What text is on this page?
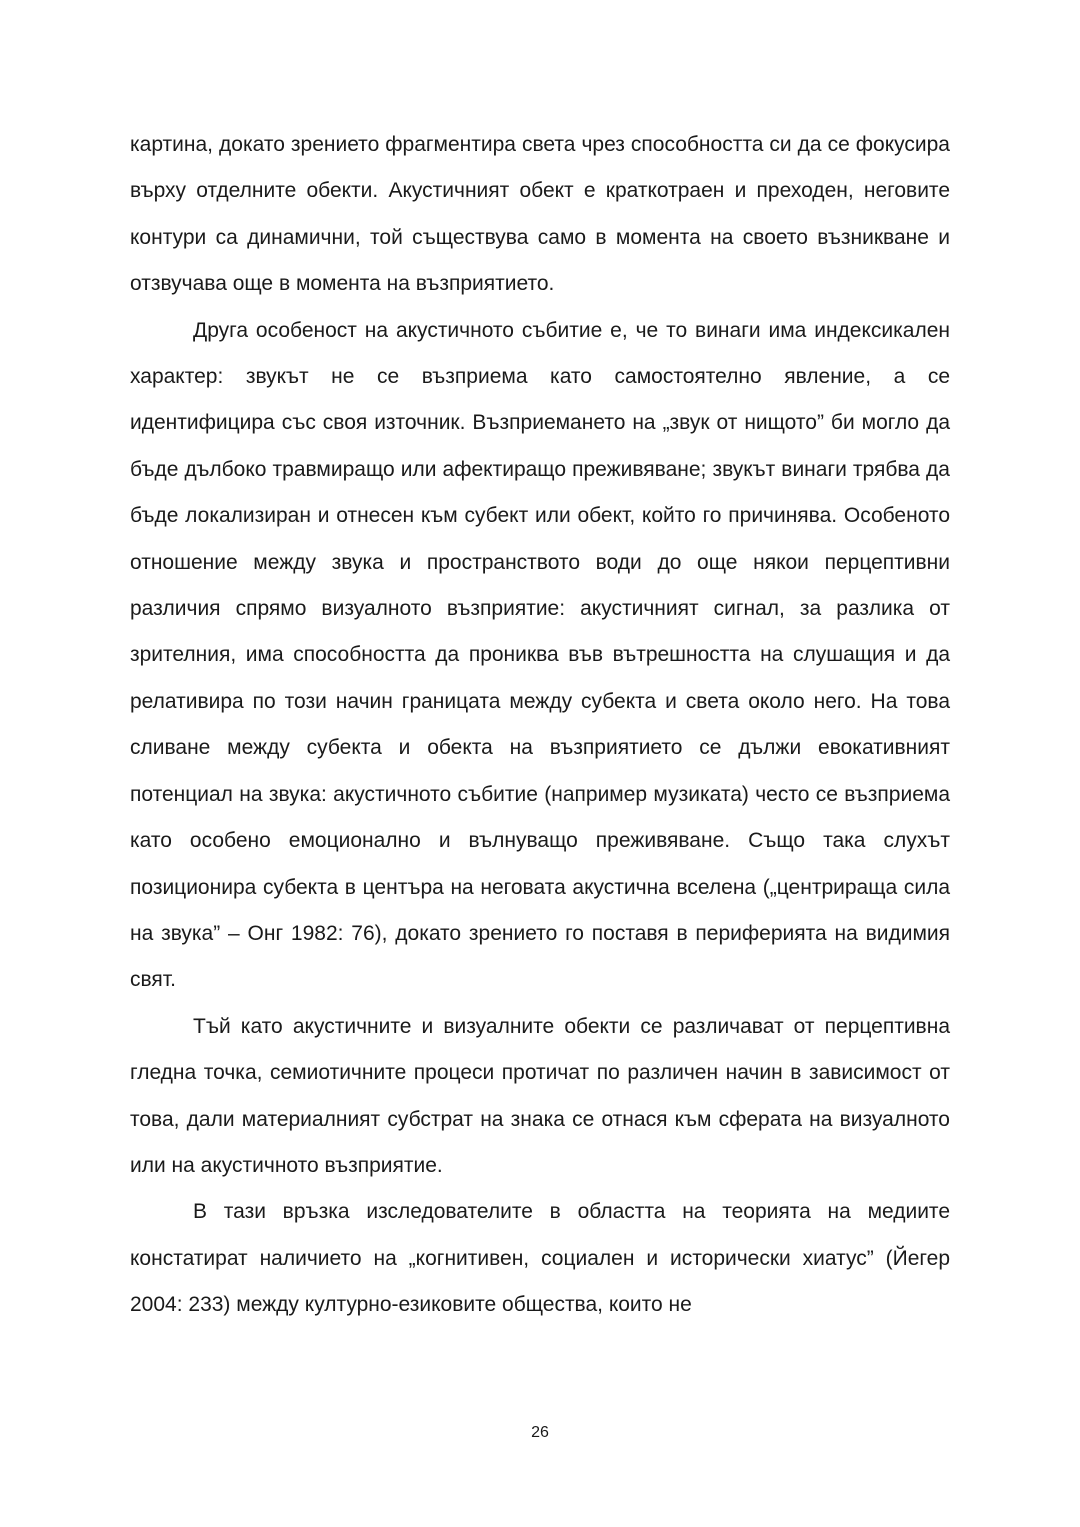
картина, докато зрението фрагментира света чрез способността си да се фокусира върху отделните обекти. Акустичният обект е краткотраен и преходен, неговите контури са динамични, той съществува само в момента на своето възникване и отзвучава още в момента на възприятието.

Друга особеност на акустичното събитие е, че то винаги има индексикален характер: звукът не се възприема като самостоятелно явление, а се идентифицира със своя източник. Възприемането на „звук от нищото” би могло да бъде дълбоко травмиращо или афектиращо преживяване; звукът винаги трябва да бъде локализиран и отнесен към субект или обект, който го причинява. Особеното отношение между звука и пространството води до още някои перцептивни различия спрямо визуалното възприятие: акустичният сигнал, за разлика от зрителния, има способността да прониква във вътрешността на слушащия и да релативира по този начин границата между субекта и света около него. На това сливане между субекта и обекта на възприятието се дължи евокативният потенциал на звука: акустичното събитие (например музиката) често се възприема като особено емоционално и вълнуващо преживяване. Също така слухът позиционира субекта в центъра на неговата акустична вселена („центрираща сила на звука” – Онг 1982: 76), докато зрението го поставя в периферията на видимия свят.

Тъй като акустичните и визуалните обекти се различават от перцептивна гледна точка, семиотичните процеси протичат по различен начин в зависимост от това, дали материалният субстрат на знака се отнася към сферата на визуалното или на акустичното възприятие.

В тази връзка изследователите в областта на теорията на медиите констатират наличието на „когнитивен, социален и исторически хиатус” (Йегер 2004: 233) между културно-езиковите общества, които не

26
